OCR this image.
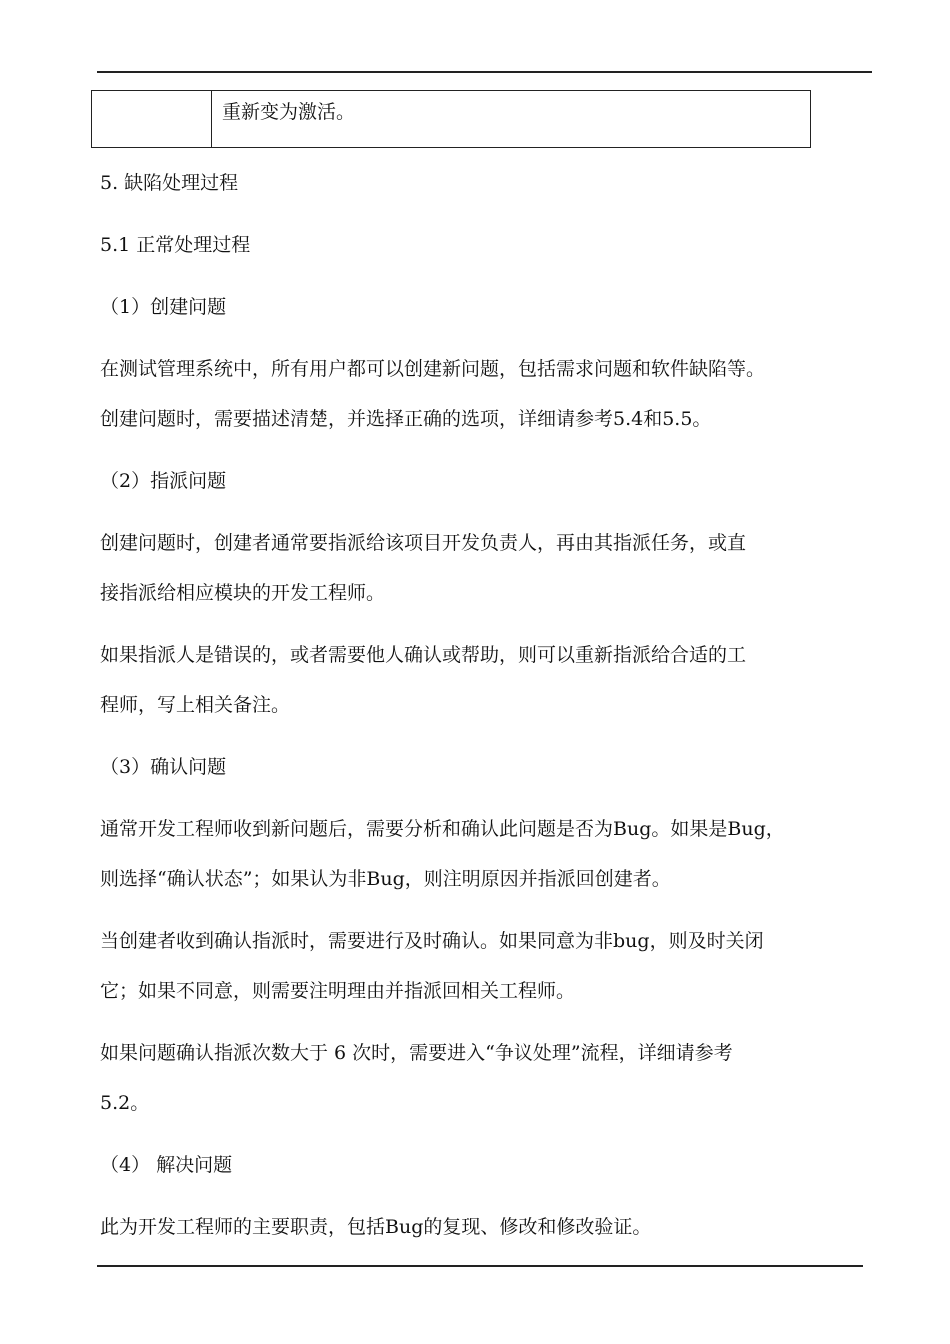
重新变为激活。
5. 缺陷处理过程
5.1 正常处理过程
（1）创建问题
在测试管理系统中，所有用户都可以创建新问题，包括需求问题和软件缺陷等。
创建问题时，需要描述清楚，并选择正确的选项，详细请参考5.4和5.5。
（2）指派问题
创建问题时，创建者通常要指派给该项目开发负责人，再由其指派任务，或直
接指派给相应模块的开发工程师。
如果指派人是错误的，或者需要他人确认或帮助，则可以重新指派给合适的工
程师，写上相关备注。
（3）确认问题
通常开发工程师收到新问题后，需要分析和确认此问题是否为Bug。如果是Bug，
则选择“确认状态”；如果认为非Bug，则注明原因并指派回创建者。
当创建者收到确认指派时，需要进行及时确认。如果同意为非bug，则及时关闭
它；如果不同意，则需要注明理由并指派回相关工程师。
如果问题确认指派次数大于 6 次时，需要进入“争议处理”流程，详细请参考
5.2。
（4） 解决问题
此为开发工程师的主要职责，包括Bug的复现、修改和修改验证。
